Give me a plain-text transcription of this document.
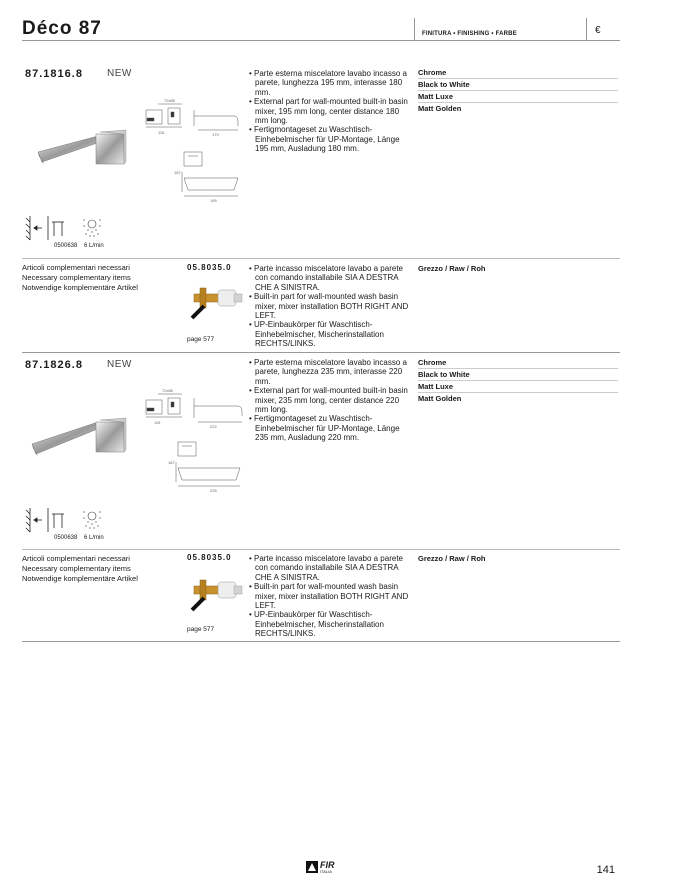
Déco 87	FINITURA • FINISHING • FARBE	€
87.1816.8 NEW
72x85
115	179
187
195
0500638 6 L/min
• Parte esterna miscelatore lavabo incasso a parete, lunghezza 195 mm, interasse 180 mm.
• External part for wall-mounted built-in basin mixer, 195 mm long, center distance 180 mm long.
• Fertigmontageset zu Waschtisch-Einhebelmischer für UP-Montage, Länge 195 mm, Ausladung 180 mm.
Chrome
Black to White
Matt Luxe
Matt Golden
Articoli complementari necessari
Necessary complementary items
Notwendige komplementäre Artikel
05.8035.0
page 577
• Parte incasso miscelatore lavabo a parete con comando installabile SIA A DESTRA CHE A SINISTRA.
• Built-in part for wall-mounted wash basin mixer, mixer installation BOTH RIGHT AND LEFT.
• UP-Einbaukörper für Waschtisch-Einhebelmischer, Mischerinstallation RECHTS/LINKS.
Grezzo / Raw / Roh
87.1826.8 NEW
72x85
115
222
187
235
0500638 6 L/min
• Parte esterna miscelatore lavabo incasso a parete, lunghezza 235 mm, interasse 220 mm.
• External part for wall-mounted built-in basin mixer, 235 mm long, center distance 220 mm long.
• Fertigmontageset zu Waschtisch-Einhebelmischer für UP-Montage, Länge 235 mm, Ausladung 220 mm.
Chrome
Black to White
Matt Luxe
Matt Golden
Articoli complementari necessari
Necessary complementary items
Notwendige komplementäre Artikel
05.8035.0
page 577
• Parte incasso miscelatore lavabo a parete con comando installabile SIA A DESTRA CHE A SINISTRA.
• Built-in part for wall-mounted wash basin mixer, mixer installation BOTH RIGHT AND LEFT.
• UP-Einbaukörper für Waschtisch-Einhebelmischer, Mischerinstallation RECHTS/LINKS.
Grezzo / Raw / Roh
FIR
ITALIA	141
